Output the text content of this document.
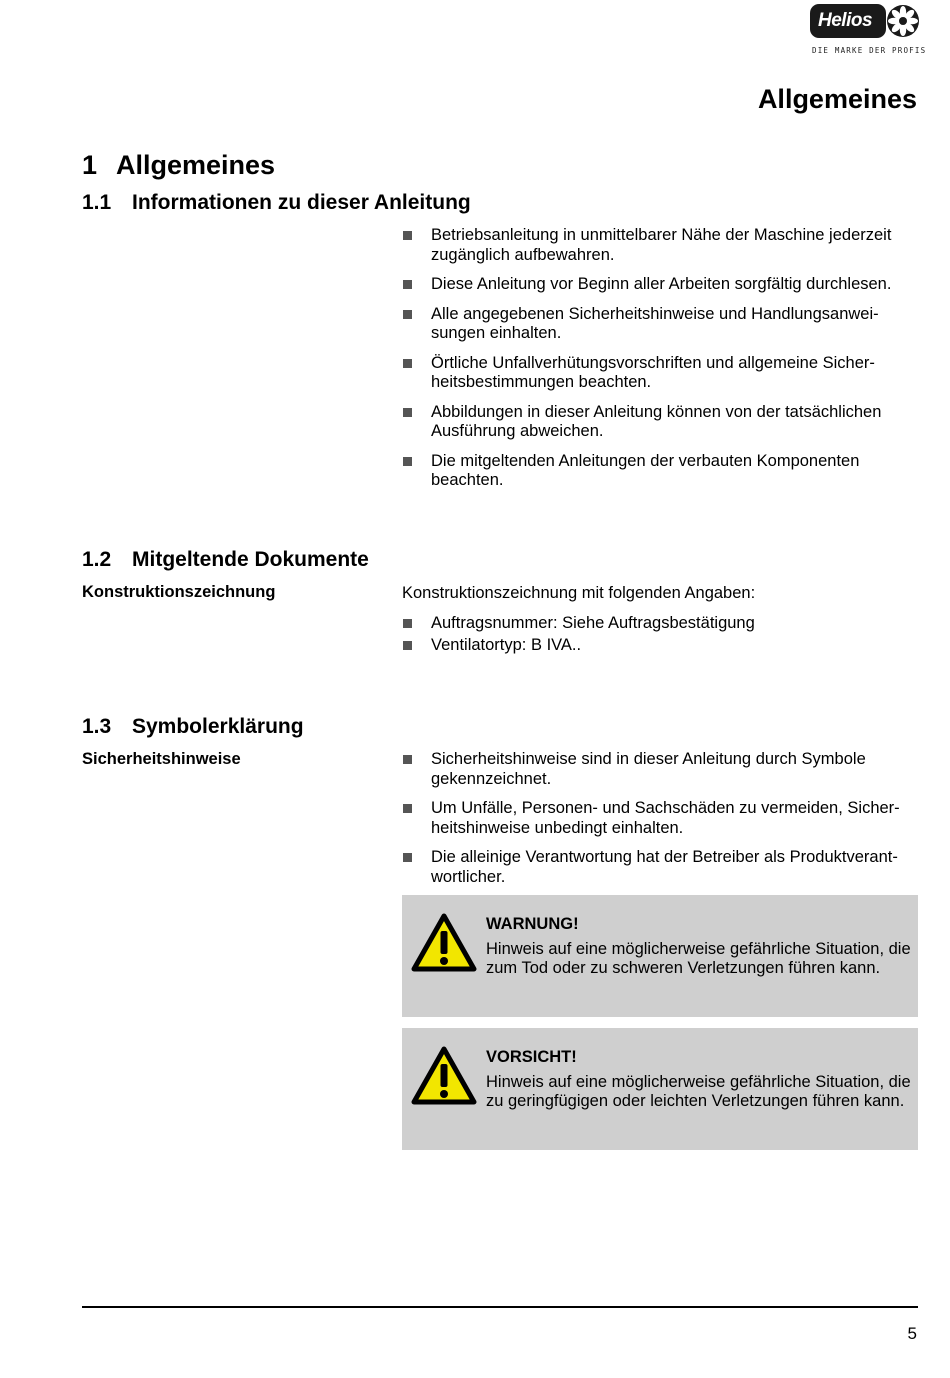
Helios
DIE MARKE DER PROFIS
Allgemeines
1 Allgemeines
1.1 Informationen zu dieser Anleitung
Betriebsanleitung in unmittelbarer Nähe der Maschine jederzeit zugänglich aufbewahren.
Diese Anleitung vor Beginn aller Arbeiten sorgfältig durchlesen.
Alle angegebenen Sicherheitshinweise und Handlungsanwei-sungen einhalten.
Örtliche Unfallverhütungsvorschriften und allgemeine Sicher-heitsbestimmungen beachten.
Abbildungen in dieser Anleitung können von der tatsächlichen Ausführung abweichen.
Die mitgeltenden Anleitungen der verbauten Komponenten beachten.
1.2 Mitgeltende Dokumente
Konstruktionszeichnung	Konstruktionszeichnung mit folgenden Angaben:

Auftragsnummer: Siehe Auftragsbestätigung
Ventilatortyp: B IVA..
1.3 Symbolerklärung
Sicherheitshinweise	Sicherheitshinweise sind in dieser Anleitung durch Symbole gekennzeichnet.
Um Unfälle, Personen- und Sachschäden zu vermeiden, Sicher-heitshinweise unbedingt einhalten.
Die alleinige Verantwortung hat der Betreiber als Produktverant-wortlicher.
WARNUNG!
Hinweis auf eine möglicherweise gefährliche Situation, die zum Tod oder zu schweren Verletzungen führen kann.
VORSICHT!
Hinweis auf eine möglicherweise gefährliche Situation, die zu geringfügigen oder leichten Verletzungen führen kann.
5
